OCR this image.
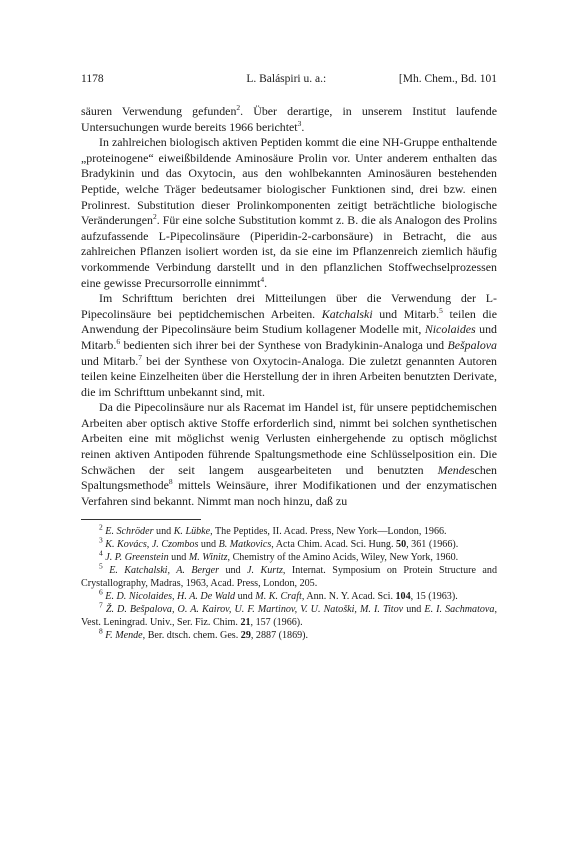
1178	L. Baláspiri u. a.:	[Mh. Chem., Bd. 101

säuren Verwendung gefunden$^2$. Über derartige, in unserem Institut laufende Untersuchungen wurde bereits 1966 berichtet$^3$.

In zahlreichen biologisch aktiven Peptiden kommt die eine NH-Gruppe enthaltende „proteinogene“ eiweißbildende Aminosäure Prolin vor. Unter anderem enthalten das Bradykinin und das Oxytocin, aus den wohlbekannten Aminosäuren bestehenden Peptide, welche Träger bedeutsamer biologischer Funktionen sind, drei bzw. einen Prolinrest. Substitution dieser Prolinkomponenten zeitigt beträchtliche biologische Veränderungen$^2$. Für eine solche Substitution kommt z. B. die als Analogon des Prolins aufzufassende L-Pipecolinsäure (Piperidin-2-carbonsäure) in Betracht, die aus zahlreichen Pflanzen isoliert worden ist, da sie eine im Pflanzenreich ziemlich häufig vorkommende Verbindung darstellt und in den pflanzlichen Stoffwechselprozessen eine gewisse Precursorrolle einnimmt$^4$.

Im Schrifttum berichten drei Mitteilungen über die Verwendung der L-Pipecolinsäure bei peptidchemischen Arbeiten. Katchalski und Mitarb.$^5$ teilen die Anwendung der Pipecolinsäure beim Studium kollagener Modelle mit, Nicolaides und Mitarb.$^6$ bedienten sich ihrer bei der Synthese von Bradykinin-Analoga und Bešpalova und Mitarb.$^7$ bei der Synthese von Oxytocin-Analoga. Die zuletzt genannten Autoren teilen keine Einzelheiten über die Herstellung der in ihren Arbeiten benutzten Derivate, die im Schrifttum unbekannt sind, mit.

Da die Pipecolinsäure nur als Racemat im Handel ist, für unsere peptidchemischen Arbeiten aber optisch aktive Stoffe erforderlich sind, nimmt bei solchen synthetischen Arbeiten eine mit möglichst wenig Verlusten einhergehende zu optisch möglichst reinen aktiven Antipoden führende Spaltungsmethode eine Schlüsselposition ein. Die Schwächen der seit langem ausgearbeiteten und benutzten Mendeschen Spaltungsmethode$^8$ mittels Weinsäure, ihrer Modifikationen und der enzymatischen Verfahren sind bekannt. Nimmt man noch hinzu, daß zu

$^2$ E. Schröder und K. Lübke, The Peptides, II. Acad. Press, New York—London, 1966.

$^3$ K. Kovács, J. Czombos und B. Matkovics, Acta Chim. Acad. Sci. Hung. 50, 361 (1966).

$^4$ J. P. Greenstein und M. Winitz, Chemistry of the Amino Acids, Wiley, New York, 1960.

$^5$ E. Katchalski, A. Berger und J. Kurtz, Internat. Symposium on Protein Structure and Crystallography, Madras, 1963, Acad. Press, London, 205.

$^6$ E. D. Nicolaides, H. A. De Wald und M. K. Craft, Ann. N. Y. Acad. Sci. 104, 15 (1963).

$^7$ Ž. D. Bešpalova, O. A. Kairov, U. F. Martinov, V. U. Natoški, M. I. Titov und E. I. Sachmatova, Vest. Leningrad. Univ., Ser. Fiz. Chim. 21, 157 (1966).

$^8$ F. Mende, Ber. dtsch. chem. Ges. 29, 2887 (1869).
